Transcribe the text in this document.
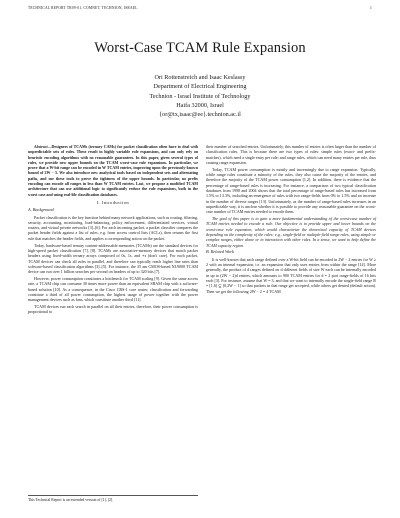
TECHNICAL REPORT TR09-01, COMNET, TECHNION, ISRAEL	1
Worst-Case TCAM Rule Expansion
Ori Rottenstreich and Isaac Keslassy
Department of Electrical Engineering
Technion - Israel Institute of Technology
Haifa 32000, Israel
{or@tx,isaac@ee}.technion.ac.il

Abstract—Designers of TCAMs (ternary CAMs) for packet classification often have to deal with unpredictable sets of rules. These result in highly variable rule expansions, and can only rely on heuristic encoding algorithms with no reasonable guarantees. In this paper, given several types of rules, we provide new upper bounds on the TCAM worst-case rule expansions. In particular, we prove that a W-bit range can be encoded in W TCAM entries, improving upon the previously-known bound of 2W − 5. We also introduce new analytical tools based on independent sets and alternating paths, and use these tools to prove the tightness of the upper bounds. In particular, no prefix encoding can encode all ranges in less than W TCAM entries. Last, we propose a modified TCAM architecture that can use additional logic to significantly reduce the rule expansions, both in the worst case and using real-life classification databases.

I. Introduction
A. Background

Packet classification is the key function behind many network applications, such as routing, filtering, security, accounting, monitoring, load-balancing, policy enforcement, differentiated services, virtual routers, and virtual private networks [3]–[6]. For each incoming packet, a packet classifier compares the packet header fields against a list of rules, e.g. from access control lists (ACLs), then returns the first rule that matches the header fields, and applies a corresponding action on the packet.

Today, hardware-based ternary content-addressable memories (TCAMs) are the standard devices for high-speed packet classification [7], [8]. TCAMs are associative-memory devices that match packet headers using fixed-width ternary arrays composed of 0s, 1s, and ∗s (don't care). For each packet, TCAM devices can check all rules in parallel, and therefore can typically reach higher line rates than software-based classification algorithms [3]–[5]. For instance, the 35 am CMOS-based NL9000 TCAM device can run over 1 billion searches per second on headers of up to 320 bits [7].

However, power consumption constitutes a bottleneck for TCAM scaling [9]. Given the same access rate, a TCAM chip can consume 30 times more power than an equivalent SRAM chip with a software-based solution [10]. As a consequence, in the Cisco CRS-1 core router, classification and forwarding constitute a third of all power consumption, the highest usage of power together with the power management devices such as fans, which constitute another third [11].

TCAM devices run each search in parallel on all their entries, therefore, their power consumption is proportional to

their number of searched entries. Unfortunately, this number of entries is often larger than the number of classification rules. This is because there are two types of rules: simple rules (exact- and prefix-matches), which need a single entry per rule; and range rules, which can need many entries per rule, thus causing range expansion.

Today, TCAM power consumption is mostly and increasingly due to range expansion. Typically, while range rules constitute a minority of the rules, they also cause the majority of the entries, and therefore the majority of the TCAM power consumption [1,2]. In addition, there is evidence that the percentage of range-based rules is increasing. For instance, a comparison of two typical classification databases from 1998 and 2004 shows that the total percentage of range-based rules has increased from 1.5% to 13.3%, including an emergence of rules with two range-fields from 0% to 1.5% and an increase in the number of diverse ranges [13]. Unfortunately, as the number of range-based rules increases in an unpredictable way, it is unclear whether it is possible to provide any reasonable guarantee on the worst-case number of TCAM entries needed to encode them.

The goal of this paper is to gain a more fundamental understanding of the worst-case number of TCAM entries needed to encode a rule. Our objective is to provide upper and lower bounds on the worst-case rule expansion, which would characterize the theoretical capacity of TCAM devices depending on the complexity of the rules: e.g., single-field or multiple-field range rules, using simple or complex ranges, either alone or in interaction with other rules. In a sense, we want to help define the TCAM capacity region.

B. Related Work

It is well-known that each range defined over a W-bit field can be encoded in 2W − 2 entries for W ≥ 2 with an internal expansion, i.e. an expansion that only uses entries from within the range [14]. More generally, the product of d ranges defined on d different fields of size W each can be internally encoded in up to (2W − 2)d entries, which amounts to 900 TCAM entries for d = 2 port range-fields of 16 bits each [3]. For instance, assume that W = 3, and that we want to internally encode the single-field range R = [1,6] ⊆ [0,2W − 1] so that packets in that range get accepted, while others get denied (default action). Then we get the following 2W − 2 = 4 TCAM

This Technical Report is an extended version of [1], [2].
